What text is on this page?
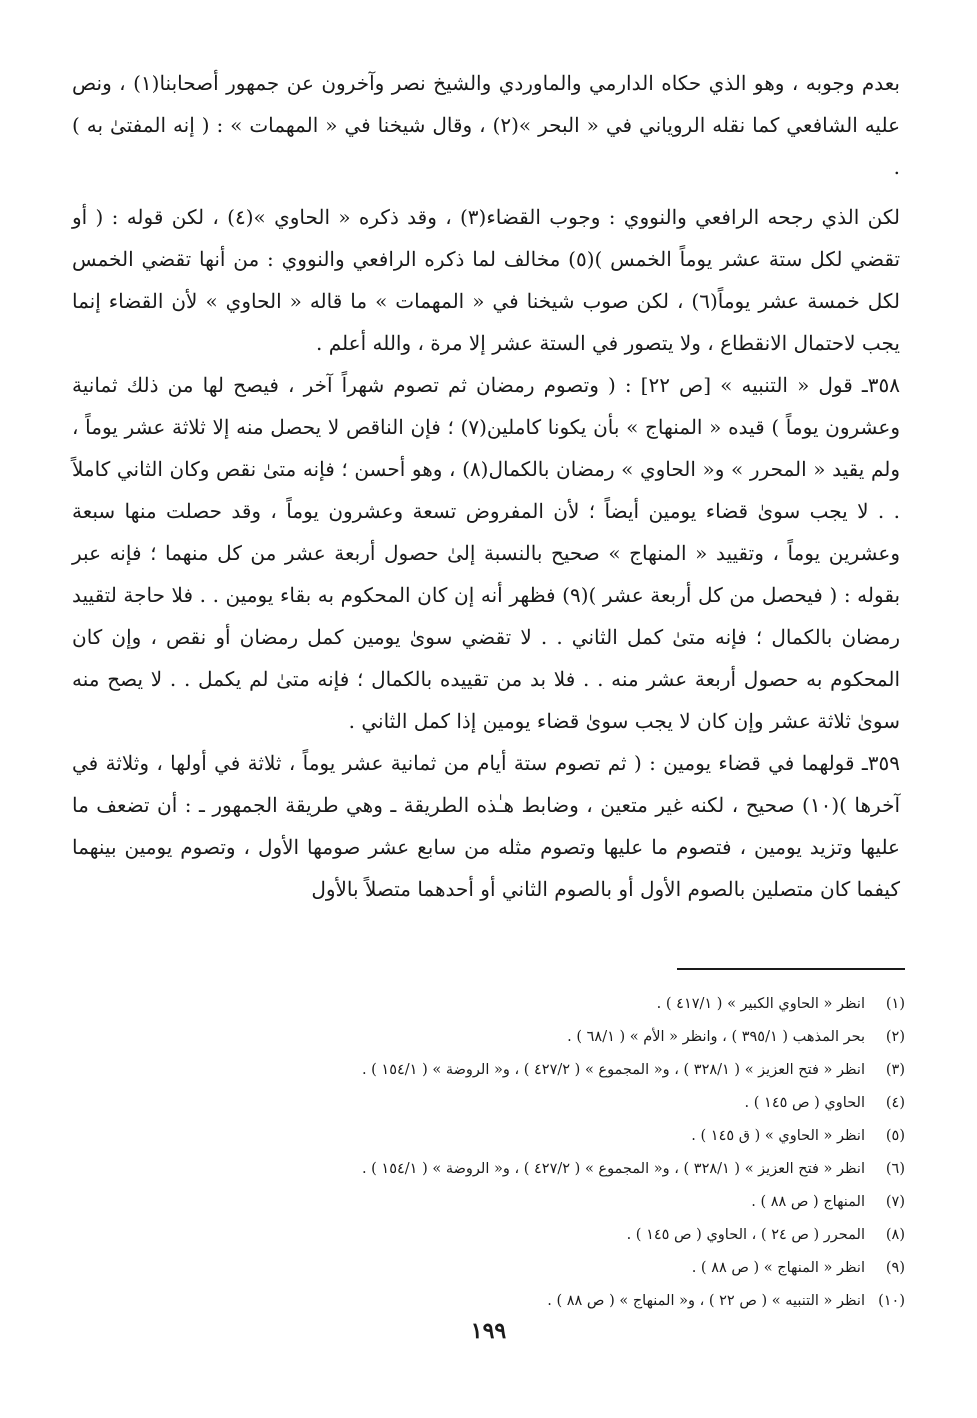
بعدم وجوبه ، وهو الذي حكاه الدارمي والماوردي والشيخ نصر وآخرون عن جمهور أصحابنا(١) ، ونص عليه الشافعي كما نقله الروياني في « البحر »(٢) ، وقال شيخنا في « المهمات » : ( إنه المفتىٰ به ) .

لكن الذي رجحه الرافعي والنووي : وجوب القضاء(٣) ، وقد ذكره « الحاوي »(٤) ، لكن قوله : ( أو تقضي لكل ستة عشر يوماً الخمس )(٥) مخالف لما ذكره الرافعي والنووي : من أنها تقضي الخمس لكل خمسة عشر يوماً(٦) ، لكن صوب شيخنا في « المهمات » ما قاله « الحاوي » لأن القضاء إنما يجب لاحتمال الانقطاع ، ولا يتصور في الستة عشر إلا مرة ، والله أعلم .

٣٥٨ـ قول « التنبيه » [ص ٢٢] : ( وتصوم رمضان ثم تصوم شهراً آخر ، فيصح لها من ذلك ثمانية وعشرون يوماً ) قيده « المنهاج » بأن يكونا كاملين(٧) ؛ فإن الناقص لا يحصل منه إلا ثلاثة عشر يوماً ، ولم يقيد « المحرر » و« الحاوي » رمضان بالكمال(٨) ، وهو أحسن ؛ فإنه متىٰ نقص وكان الثاني كاملاً . . لا يجب سوىٰ قضاء يومين أيضاً ؛ لأن المفروض تسعة وعشرون يوماً ، وقد حصلت منها سبعة وعشرين يوماً ، وتقييد « المنهاج » صحيح بالنسبة إلىٰ حصول أربعة عشر من كل منهما ؛ فإنه عبر بقوله : ( فيحصل من كل أربعة عشر )(٩) فظهر أنه إن كان المحكوم به بقاء يومين . . فلا حاجة لتقييد رمضان بالكمال ؛ فإنه متىٰ كمل الثاني . . لا تقضي سوىٰ يومين كمل رمضان أو نقص ، وإن كان المحكوم به حصول أربعة عشر منه . . فلا بد من تقييده بالكمال ؛ فإنه متىٰ لم يكمل . . لا يصح منه سوىٰ ثلاثة عشر وإن كان لا يجب سوىٰ قضاء يومين إذا كمل الثاني .

٣٥٩ـ قولهما في قضاء يومين : ( ثم تصوم ستة أيام من ثمانية عشر يوماً ، ثلاثة في أولها ، وثلاثة في آخرها )(١٠) صحيح ، لكنه غير متعين ، وضابط هـٰذه الطريقة ـ وهي طريقة الجمهور ـ : أن تضعف ما عليها وتزيد يومين ، فتصوم ما عليها وتصوم مثله من سابع عشر صومها الأول ، وتصوم يومين بينهما كيفما كان متصلين بالصوم الأول أو بالصوم الثاني أو أحدهما متصلاً بالأول

(١)
انظر « الحاوي الكبير » ( ٤١٧/١ ) .
(٢)
بحر المذهب ( ٣٩٥/١ ) ، وانظر « الأم » ( ٦٨/١ ) .
(٣)
انظر « فتح العزيز » ( ٣٢٨/١ ) ، و« المجموع » ( ٤٢٧/٢ ) ، و« الروضة » ( ١٥٤/١ ) .
(٤)
الحاوي ( ص ١٤٥ ) .
(٥)
انظر « الحاوي » ( ق ١٤٥ ) .
(٦)
انظر « فتح العزيز » ( ٣٢٨/١ ) ، و« المجموع » ( ٤٢٧/٢ ) ، و« الروضة » ( ١٥٤/١ ) .
(٧)
المنهاج ( ص ٨٨ ) .
(٨)
المحرر ( ص ٢٤ ) ، الحاوي ( ص ١٤٥ ) .
(٩)
انظر « المنهاج » ( ص ٨٨ ) .
(١٠)
انظر « التنبيه » ( ص ٢٢ ) ، و« المنهاج » ( ص ٨٨ ) .
١٩٩
